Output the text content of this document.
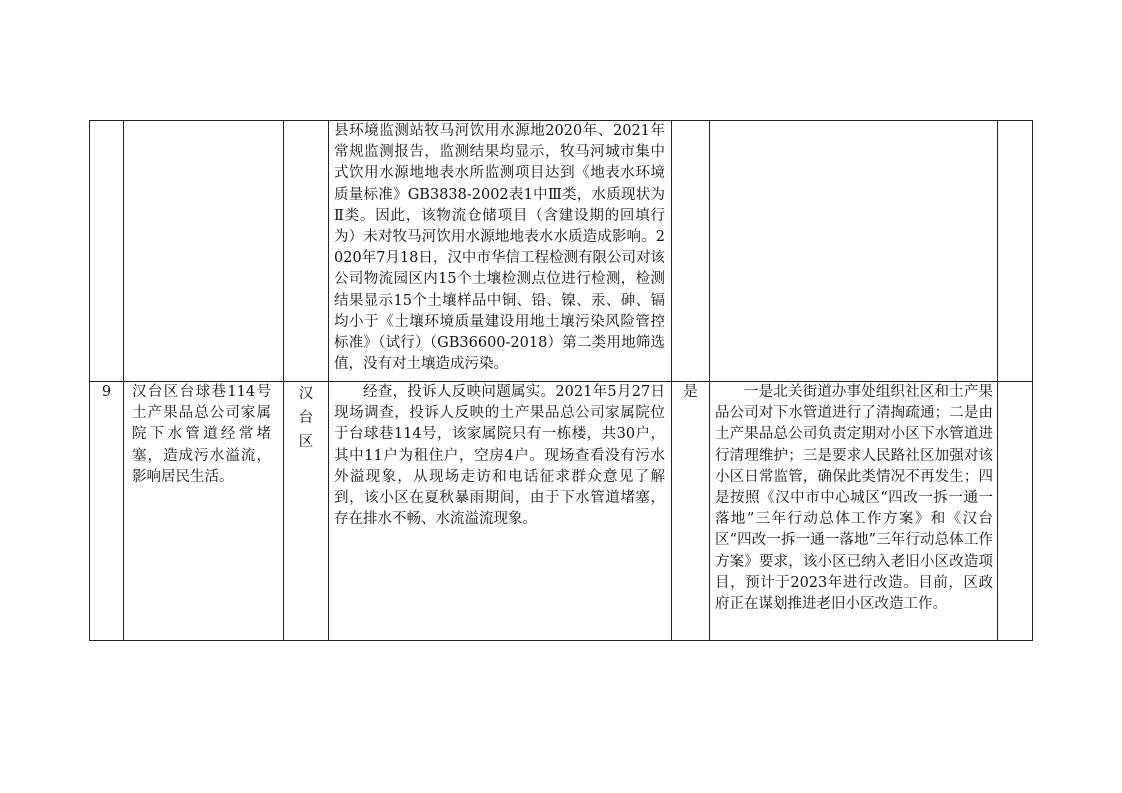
			县环境监测站牧马河饮用水源地2020年、2021年常规监测报告，监测结果均显示，牧马河城市集中式饮用水源地地表水所监测项目达到《地表水环境质量标准》GB3838-2002表1中Ⅲ类，水质现状为Ⅱ类。因此，该物流仓储项目（含建设期的回填行为）未对牧马河饮用水源地地表水水质造成影响。2020年7月18日，汉中市华信工程检测有限公司对该公司物流园区内15个土壤检测点位进行检测，检测结果显示15个土壤样品中铜、铅、镍、汞、砷、镉均小于《土壤环境质量建设用地土壤污染风险管控标准》（试行）（GB36600-2018）第二类用地筛选值，没有对土壤造成污染。			

9	汉台区台球巷114号土产果品总公司家属院下水管道经常堵塞，造成污水溢流，影响居民生活。	汉台区	经查，投诉人反映问题属实。2021年5月27日现场调查，投诉人反映的土产果品总公司家属院位于台球巷114号，该家属院只有一栋楼，共30户，其中11户为租住户，空房4户。现场查看没有污水外溢现象，从现场走访和电话征求群众意见了解到，该小区在夏秋暴雨期间，由于下水管道堵塞，存在排水不畅、水流溢流现象。	是	一是北关街道办事处组织社区和土产果品公司对下水管道进行了清掏疏通；二是由土产果品总公司负责定期对小区下水管道进行清理维护；三是要求人民路社区加强对该小区日常监管，确保此类情况不再发生；四是按照《汉中市中心城区“四改一拆一通一落地”三年行动总体工作方案》和《汉台区“四改一拆一通一落地”三年行动总体工作方案》要求，该小区已纳入老旧小区改造项目，预计于2023年进行改造。目前，区政府正在谋划推进老旧小区改造工作。	
